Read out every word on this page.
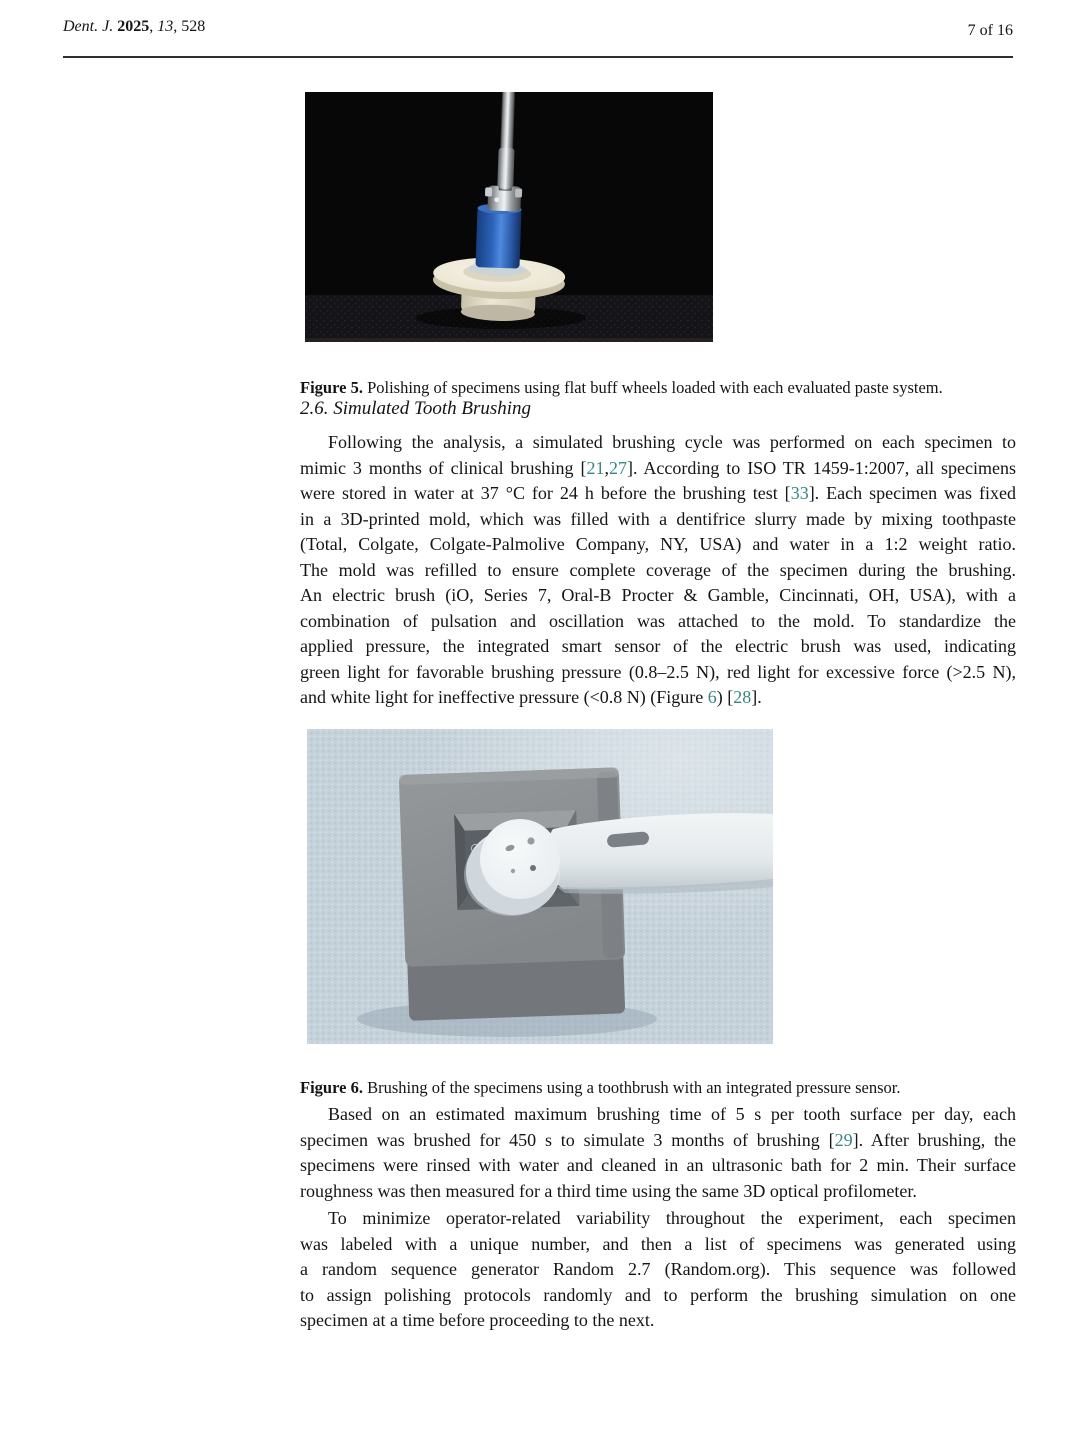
Dent. J. 2025, 13, 528	7 of 16

Figure 5. Polishing of specimens using flat buff wheels loaded with each evaluated paste system.

2.6. Simulated Tooth Brushing
Following the analysis, a simulated brushing cycle was performed on each specimen to
mimic 3 months of clinical brushing [21,27]. According to ISO TR 1459-1:2007, all specimens
were stored in water at 37 °C for 24 h before the brushing test [33]. Each specimen was fixed
in a 3D-printed mold, which was filled with a dentifrice slurry made by mixing toothpaste
(Total, Colgate, Colgate-Palmolive Company, NY, USA) and water in a 1:2 weight ratio.
The mold was refilled to ensure complete coverage of the specimen during the brushing.
An electric brush (iO, Series 7, Oral-B Procter & Gamble, Cincinnati, OH, USA), with a
combination of pulsation and oscillation was attached to the mold. To standardize the
applied pressure, the integrated smart sensor of the electric brush was used, indicating
green light for favorable brushing pressure (0.8–2.5 N), red light for excessive force (>2.5 N),
and white light for ineffective pressure (<0.8 N) (Figure 6) [28].

Figure 6. Brushing of the specimens using a toothbrush with an integrated pressure sensor.

Based on an estimated maximum brushing time of 5 s per tooth surface per day, each
specimen was brushed for 450 s to simulate 3 months of brushing [29]. After brushing, the
specimens were rinsed with water and cleaned in an ultrasonic bath for 2 min. Their surface
roughness was then measured for a third time using the same 3D optical profilometer.
To minimize operator-related variability throughout the experiment, each specimen
was labeled with a unique number, and then a list of specimens was generated using
a random sequence generator Random 2.7 (Random.org). This sequence was followed
to assign polishing protocols randomly and to perform the brushing simulation on one
specimen at a time before proceeding to the next.
